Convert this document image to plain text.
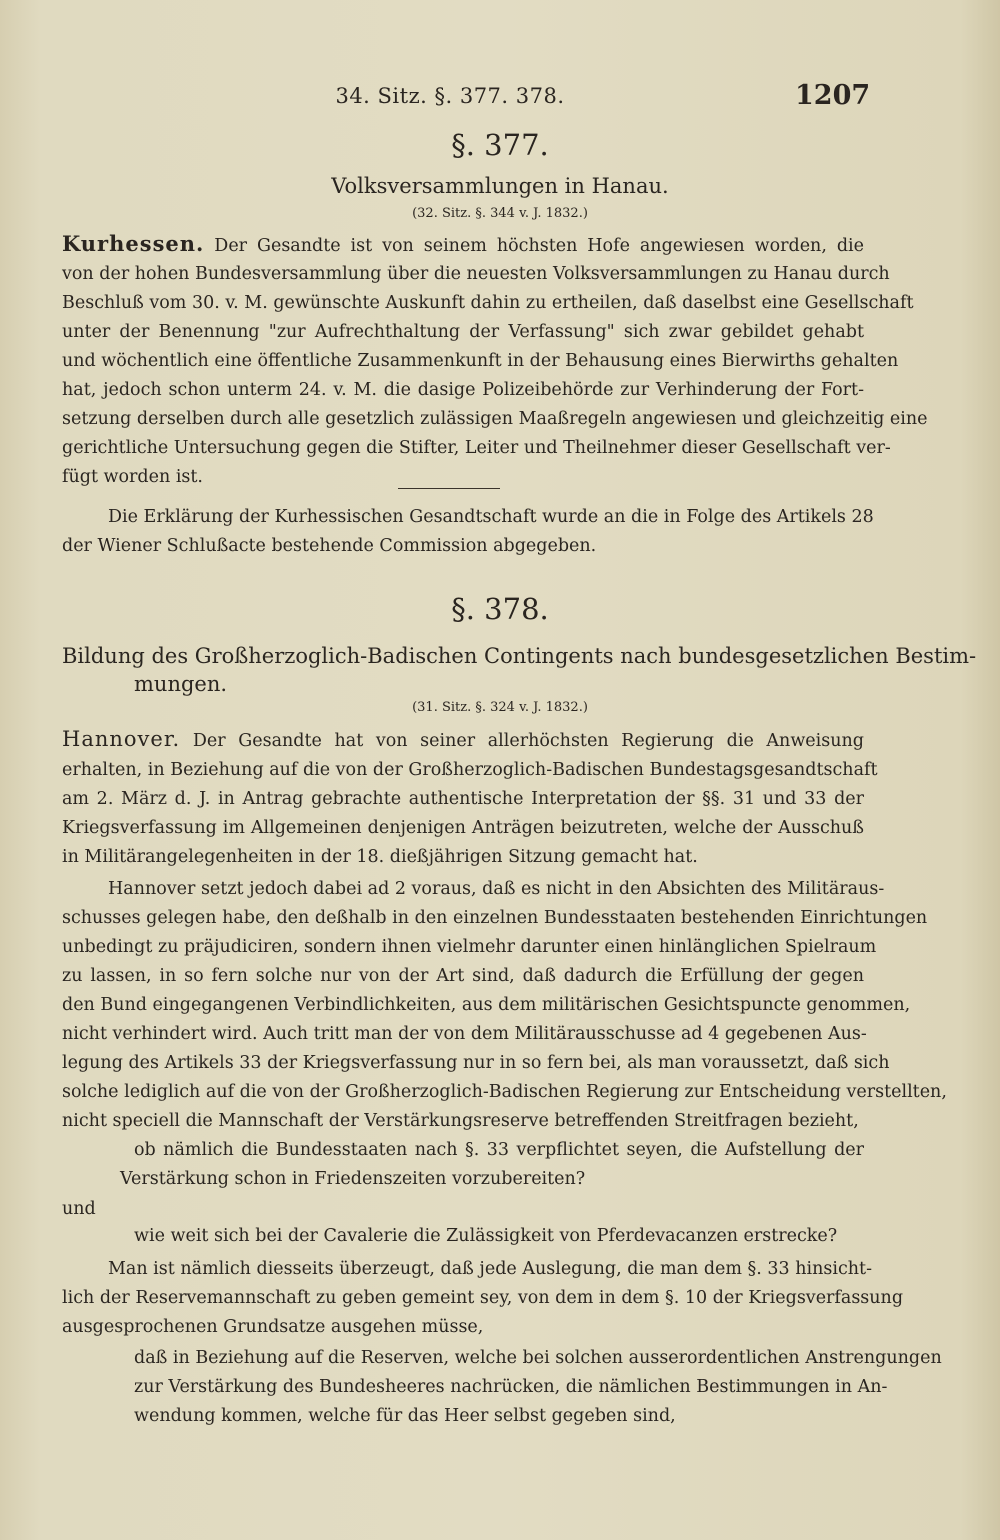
34. Sitz. §. 377. 378.	1207
§. 377.
Volksversammlungen in Hanau.
(32. Sitz. §. 344 v. J. 1832.)
Kurhessen. Der Gesandte ist von seinem höchsten Hofe angewiesen worden, die
von der hohen Bundesversammlung über die neuesten Volksversammlungen zu Hanau durch
Beschluß vom 30. v. M. gewünschte Auskunft dahin zu ertheilen, daß daselbst eine Gesellschaft
unter der Benennung "zur Aufrechthaltung der Verfassung" sich zwar gebildet gehabt
und wöchentlich eine öffentliche Zusammenkunft in der Behausung eines Bierwirths gehalten
hat, jedoch schon unterm 24. v. M. die dasige Polizeibehörde zur Verhinderung der Fort-
setzung derselben durch alle gesetzlich zulässigen Maaßregeln angewiesen und gleichzeitig eine
gerichtliche Untersuchung gegen die Stifter, Leiter und Theilnehmer dieser Gesellschaft ver-
fügt worden ist.
Die Erklärung der Kurhessischen Gesandtschaft wurde an die in Folge des Artikels 28
der Wiener Schlußacte bestehende Commission abgegeben.
§. 378.
Bildung des Großherzoglich-Badischen Contingents nach bundesgesetzlichen Bestim-
mungen.
(31. Sitz. §. 324 v. J. 1832.)
Hannover. Der Gesandte hat von seiner allerhöchsten Regierung die Anweisung
erhalten, in Beziehung auf die von der Großherzoglich-Badischen Bundestagsgesandtschaft
am 2. März d. J. in Antrag gebrachte authentische Interpretation der §§. 31 und 33 der
Kriegsverfassung im Allgemeinen denjenigen Anträgen beizutreten, welche der Ausschuß
in Militärangelegenheiten in der 18. dießjährigen Sitzung gemacht hat.
Hannover setzt jedoch dabei ad 2 voraus, daß es nicht in den Absichten des Militäraus-
schusses gelegen habe, den deßhalb in den einzelnen Bundesstaaten bestehenden Einrichtungen
unbedingt zu präjudiciren, sondern ihnen vielmehr darunter einen hinlänglichen Spielraum
zu lassen, in so fern solche nur von der Art sind, daß dadurch die Erfüllung der gegen
den Bund eingegangenen Verbindlichkeiten, aus dem militärischen Gesichtspuncte genommen,
nicht verhindert wird. Auch tritt man der von dem Militärausschusse ad 4 gegebenen Aus-
legung des Artikels 33 der Kriegsverfassung nur in so fern bei, als man voraussetzt, daß sich
solche lediglich auf die von der Großherzoglich-Badischen Regierung zur Entscheidung verstellten,
nicht speciell die Mannschaft der Verstärkungsreserve betreffenden Streitfragen bezieht,
ob nämlich die Bundesstaaten nach §. 33 verpflichtet seyen, die Aufstellung der
Verstärkung schon in Friedenszeiten vorzubereiten?
und
wie weit sich bei der Cavalerie die Zulässigkeit von Pferdevacanzen erstrecke?
Man ist nämlich diesseits überzeugt, daß jede Auslegung, die man dem §. 33 hinsicht-
lich der Reservemannschaft zu geben gemeint sey, von dem in dem §. 10 der Kriegsverfassung
ausgesprochenen Grundsatze ausgehen müsse,
daß in Beziehung auf die Reserven, welche bei solchen ausserordentlichen Anstrengungen
zur Verstärkung des Bundesheeres nachrücken, die nämlichen Bestimmungen in An-
wendung kommen, welche für das Heer selbst gegeben sind,
